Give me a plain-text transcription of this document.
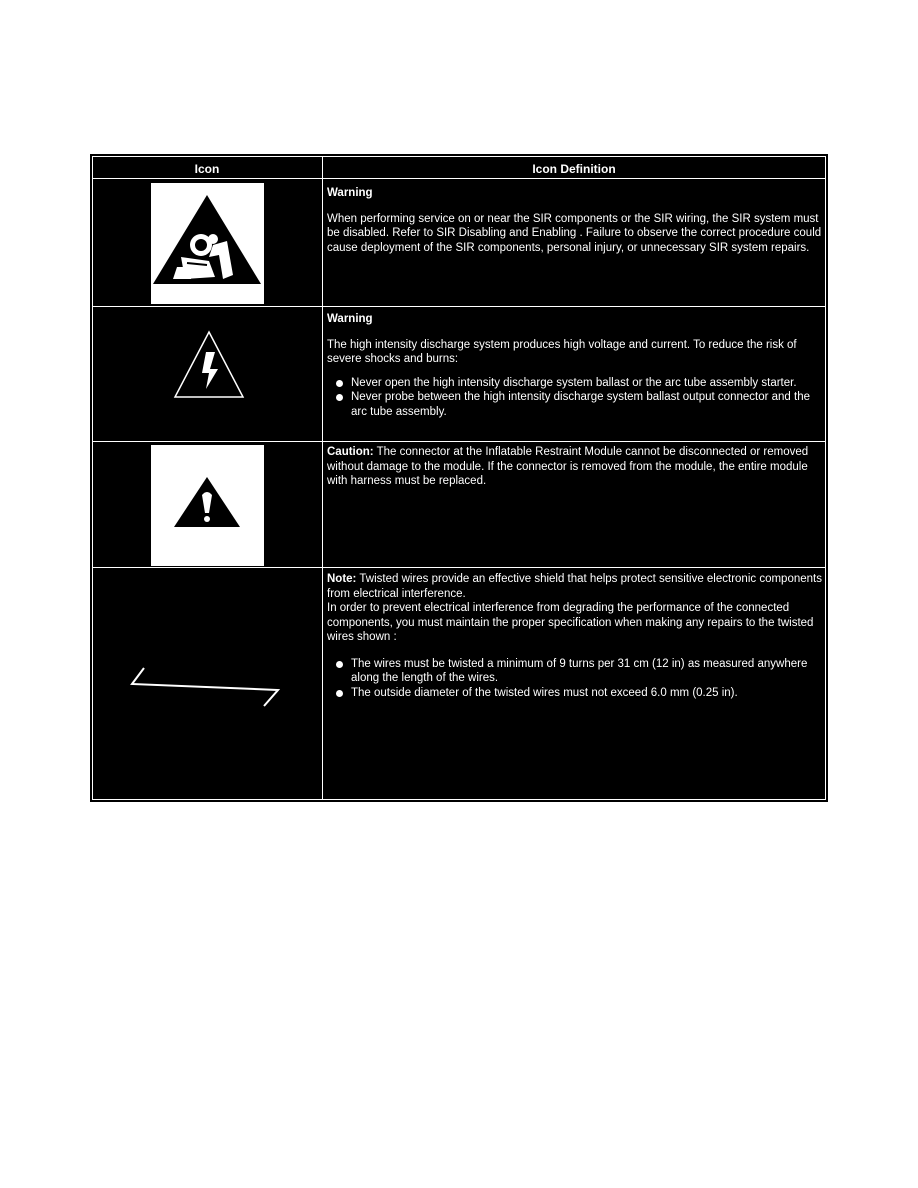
Icon	Icon Definition

Warning

When performing service on or near the SIR components or the SIR wiring, the SIR system must be disabled. Refer to SIR Disabling and Enabling . Failure to observe the correct procedure could cause deployment of the SIR components, personal injury, or unnecessary SIR system repairs.

Warning

The high intensity discharge system produces high voltage and current. To reduce the risk of severe shocks and burns:

Never open the high intensity discharge system ballast or the arc tube assembly starter.
Never probe between the high intensity discharge system ballast output connector and the arc tube assembly.

Caution: The connector at the Inflatable Restraint Module cannot be disconnected or removed without damage to the module. If the connector is removed from the module, the entire module with harness must be replaced.

Note: Twisted wires provide an effective shield that helps protect sensitive electronic components from electrical interference.

In order to prevent electrical interference from degrading the performance of the connected components, you must maintain the proper specification when making any repairs to the twisted wires shown :

The wires must be twisted a minimum of 9 turns per 31 cm (12 in) as measured anywhere along the length of the wires.
The outside diameter of the twisted wires must not exceed 6.0 mm (0.25 in).
